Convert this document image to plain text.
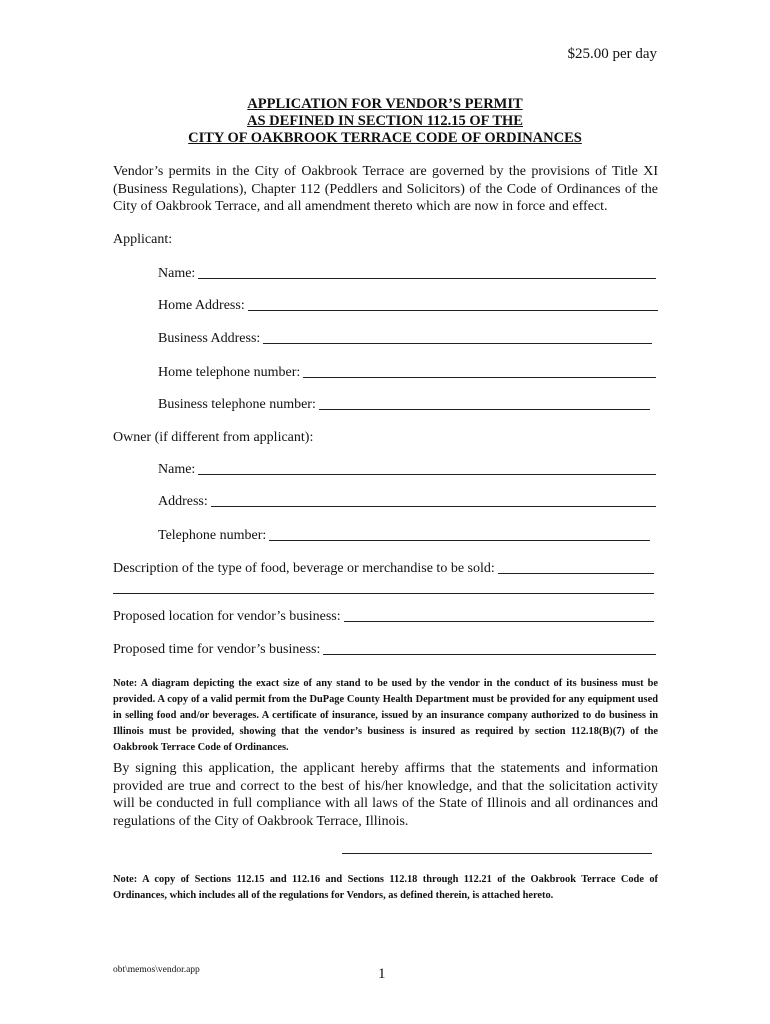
$25.00 per day
APPLICATION FOR VENDOR’S PERMIT
AS DEFINED IN SECTION 112.15 OF THE
CITY OF OAKBROOK TERRACE CODE OF ORDINANCES
Vendor’s permits in the City of Oakbrook Terrace are governed by the provisions of Title XI (Business Regulations), Chapter 112 (Peddlers and Solicitors) of the Code of Ordinances of the City of Oakbrook Terrace, and all amendment thereto which are now in force and effect.
Applicant:
Name:
Home Address:
Business Address:
Home telephone number:
Business telephone number:
Owner (if different from applicant):
Name:
Address:
Telephone number:
Description of the type of food, beverage or merchandise to be sold:
Proposed location for vendor’s business:
Proposed time for vendor’s business:
Note: A diagram depicting the exact size of any stand to be used by the vendor in the conduct of its business must be provided. A copy of a valid permit from the DuPage County Health Department must be provided for any equipment used in selling food and/or beverages. A certificate of insurance, issued by an insurance company authorized to do business in Illinois must be provided, showing that the vendor’s business is insured as required by section 112.18(B)(7) of the Oakbrook Terrace Code of Ordinances.
By signing this application, the applicant hereby affirms that the statements and information provided are true and correct to the best of his/her knowledge, and that the solicitation activity will be conducted in full compliance with all laws of the State of Illinois and all ordinances and regulations of the City of Oakbrook Terrace, Illinois.
Note: A copy of Sections 112.15 and 112.16 and Sections 112.18 through 112.21 of the Oakbrook Terrace Code of Ordinances, which includes all of the regulations for Vendors, as defined therein, is attached hereto.
obt\memos\vendor.app	1
